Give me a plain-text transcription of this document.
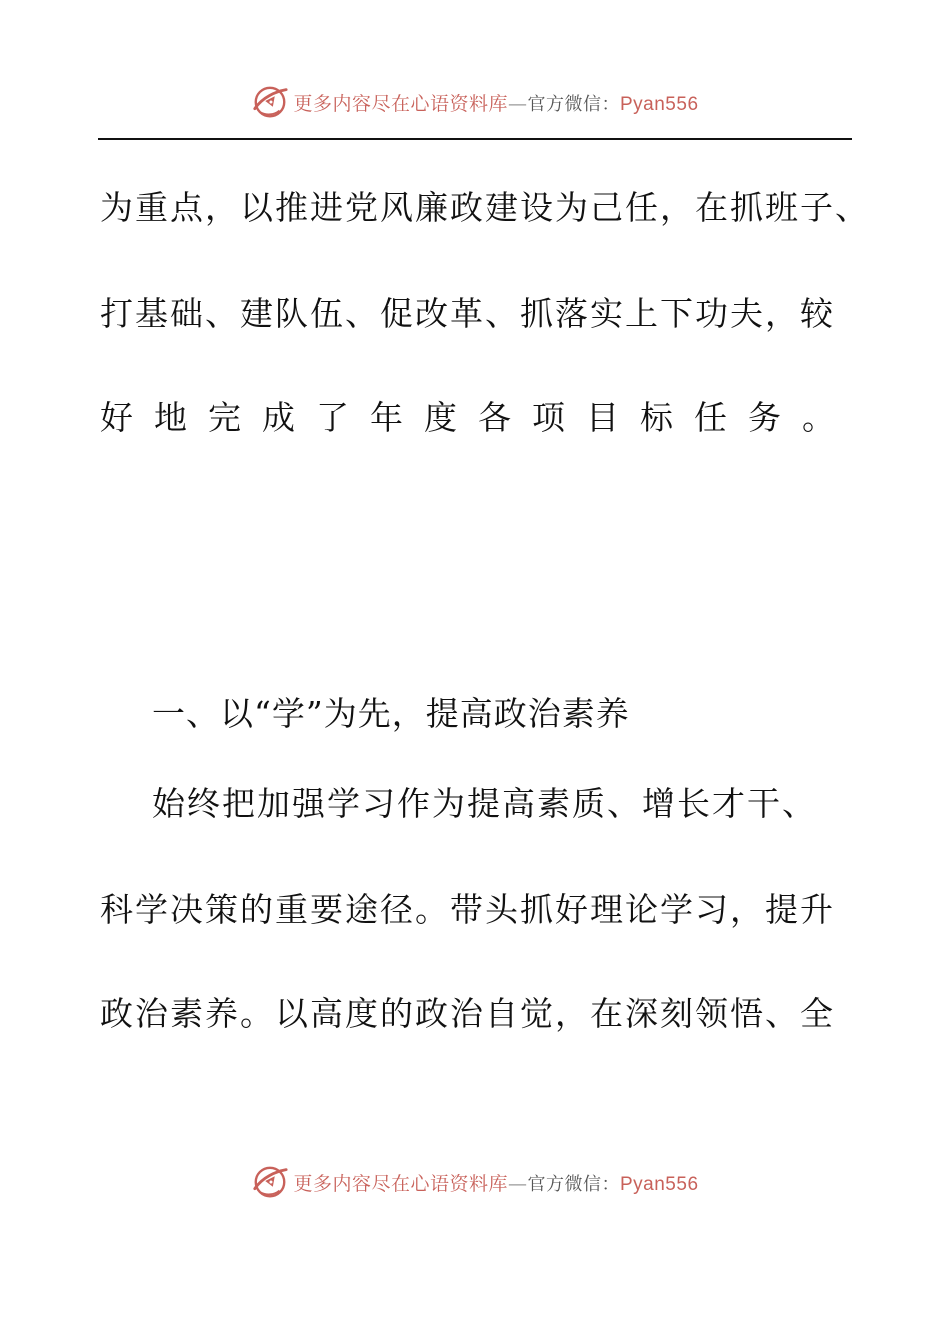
更多内容尽在心语资料库—官方微信：Pyan556
为重点，以推进党风廉政建设为己任，在抓班子、
打基础、建队伍、促改革、抓落实上下功夫，较
好地完成了年度各项目标任务。
一、以“学”为先，提高政治素养
始终把加强学习作为提高素质、增长才干、
科学决策的重要途径。带头抓好理论学习，提升
政治素养。以高度的政治自觉，在深刻领悟、全
更多内容尽在心语资料库—官方微信：Pyan556
